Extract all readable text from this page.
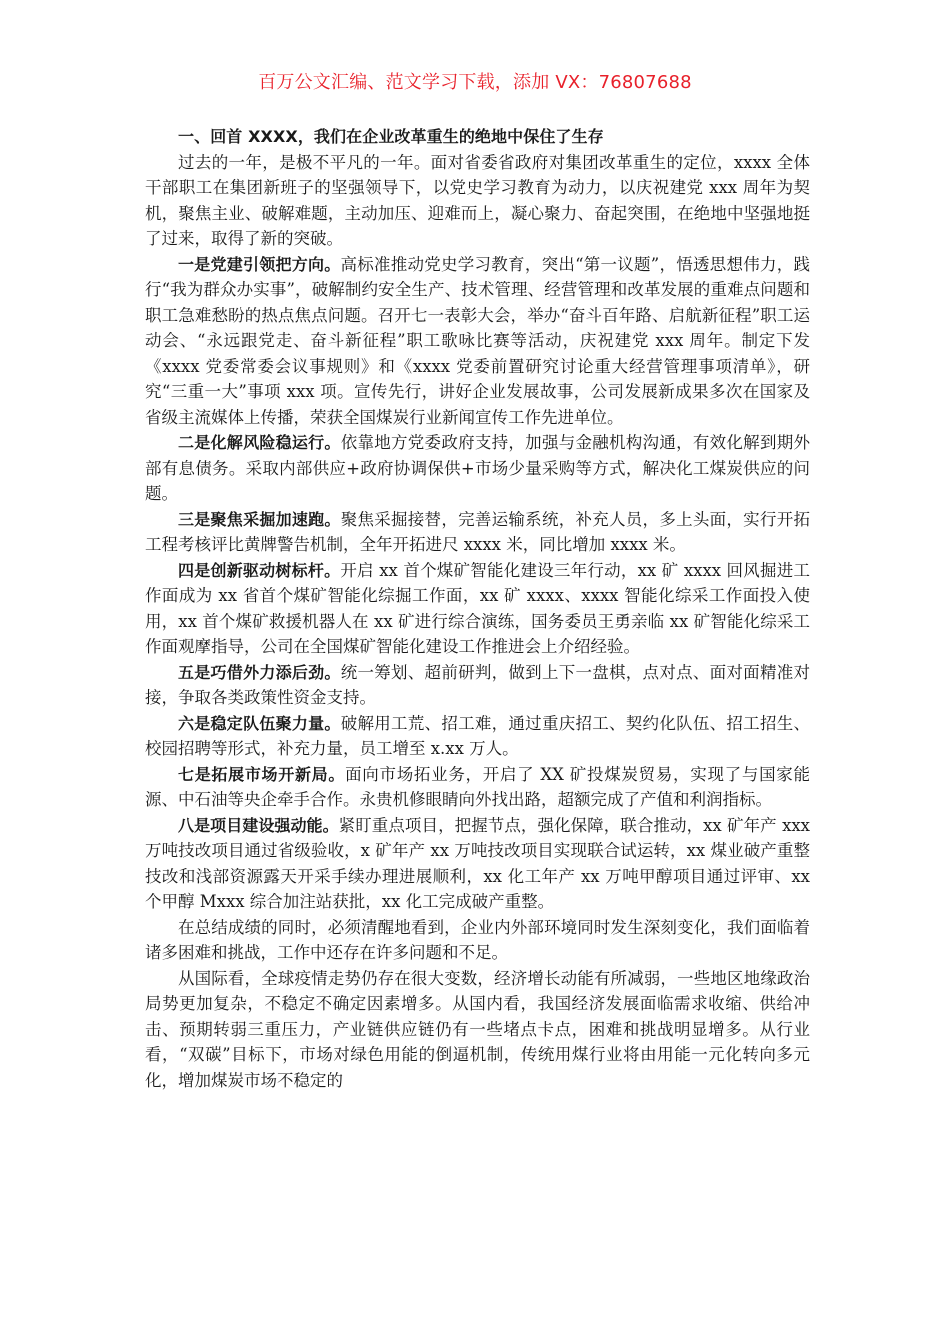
百万公文汇编、范文学习下载，添加 VX：76807688

一、回首 XXXX，我们在企业改革重生的绝地中保住了生存

过去的一年，是极不平凡的一年。面对省委省政府对集团改革重生的定位，xxxx 全体干部职工在集团新班子的坚强领导下，以党史学习教育为动力，以庆祝建党 xxx 周年为契机，聚焦主业、破解难题，主动加压、迎难而上，凝心聚力、奋起突围，在绝地中坚强地挺了过来，取得了新的突破。

一是党建引领把方向。高标准推动党史学习教育，突出“第一议题”，悟透思想伟力，践行“我为群众办实事”，破解制约安全生产、技术管理、经营管理和改革发展的重难点问题和职工急难愁盼的热点焦点问题。召开七一表彰大会，举办“奋斗百年路、启航新征程”职工运动会、“永远跟党走、奋斗新征程”职工歌咏比赛等活动，庆祝建党 xxx 周年。制定下发《xxxx 党委常委会议事规则》和《xxxx 党委前置研究讨论重大经营管理事项清单》，研究“三重一大”事项 xxx 项。宣传先行，讲好企业发展故事，公司发展新成果多次在国家及省级主流媒体上传播，荣获全国煤炭行业新闻宣传工作先进单位。

二是化解风险稳运行。依靠地方党委政府支持，加强与金融机构沟通，有效化解到期外部有息债务。采取内部供应+政府协调保供+市场少量采购等方式，解决化工煤炭供应的问题。

三是聚焦采掘加速跑。聚焦采掘接替，完善运输系统，补充人员，多上头面，实行开拓工程考核评比黄牌警告机制，全年开拓进尺 xxxx 米，同比增加 xxxx 米。

四是创新驱动树标杆。开启 xx 首个煤矿智能化建设三年行动，xx 矿 xxxx 回风掘进工作面成为 xx 省首个煤矿智能化综掘工作面，xx 矿 xxxx、xxxx 智能化综采工作面投入使用，xx 首个煤矿救援机器人在 xx 矿进行综合演练，国务委员王勇亲临 xx 矿智能化综采工作面观摩指导，公司在全国煤矿智能化建设工作推进会上介绍经验。

五是巧借外力添后劲。统一筹划、超前研判，做到上下一盘棋，点对点、面对面精准对接，争取各类政策性资金支持。

六是稳定队伍聚力量。破解用工荒、招工难，通过重庆招工、契约化队伍、招工招生、校园招聘等形式，补充力量，员工增至 x.xx 万人。

七是拓展市场开新局。面向市场拓业务，开启了 XX 矿投煤炭贸易，实现了与国家能源、中石油等央企牵手合作。永贵机修眼睛向外找出路，超额完成了产值和利润指标。

八是项目建设强动能。紧盯重点项目，把握节点，强化保障，联合推动，xx 矿年产 xxx 万吨技改项目通过省级验收，x 矿年产 xx 万吨技改项目实现联合试运转，xx 煤业破产重整技改和浅部资源露天开采手续办理进展顺利，xx 化工年产 xx 万吨甲醇项目通过评审、xx 个甲醇 Mxxx 综合加注站获批，xx 化工完成破产重整。

在总结成绩的同时，必须清醒地看到，企业内外部环境同时发生深刻变化，我们面临着诸多困难和挑战，工作中还存在许多问题和不足。

从国际看，全球疫情走势仍存在很大变数，经济增长动能有所减弱，一些地区地缘政治局势更加复杂，不稳定不确定因素增多。从国内看，我国经济发展面临需求收缩、供给冲击、预期转弱三重压力，产业链供应链仍有一些堵点卡点，困难和挑战明显增多。从行业看，“双碳”目标下，市场对绿色用能的倒逼机制，传统用煤行业将由用能一元化转向多元化，增加煤炭市场不稳定的
